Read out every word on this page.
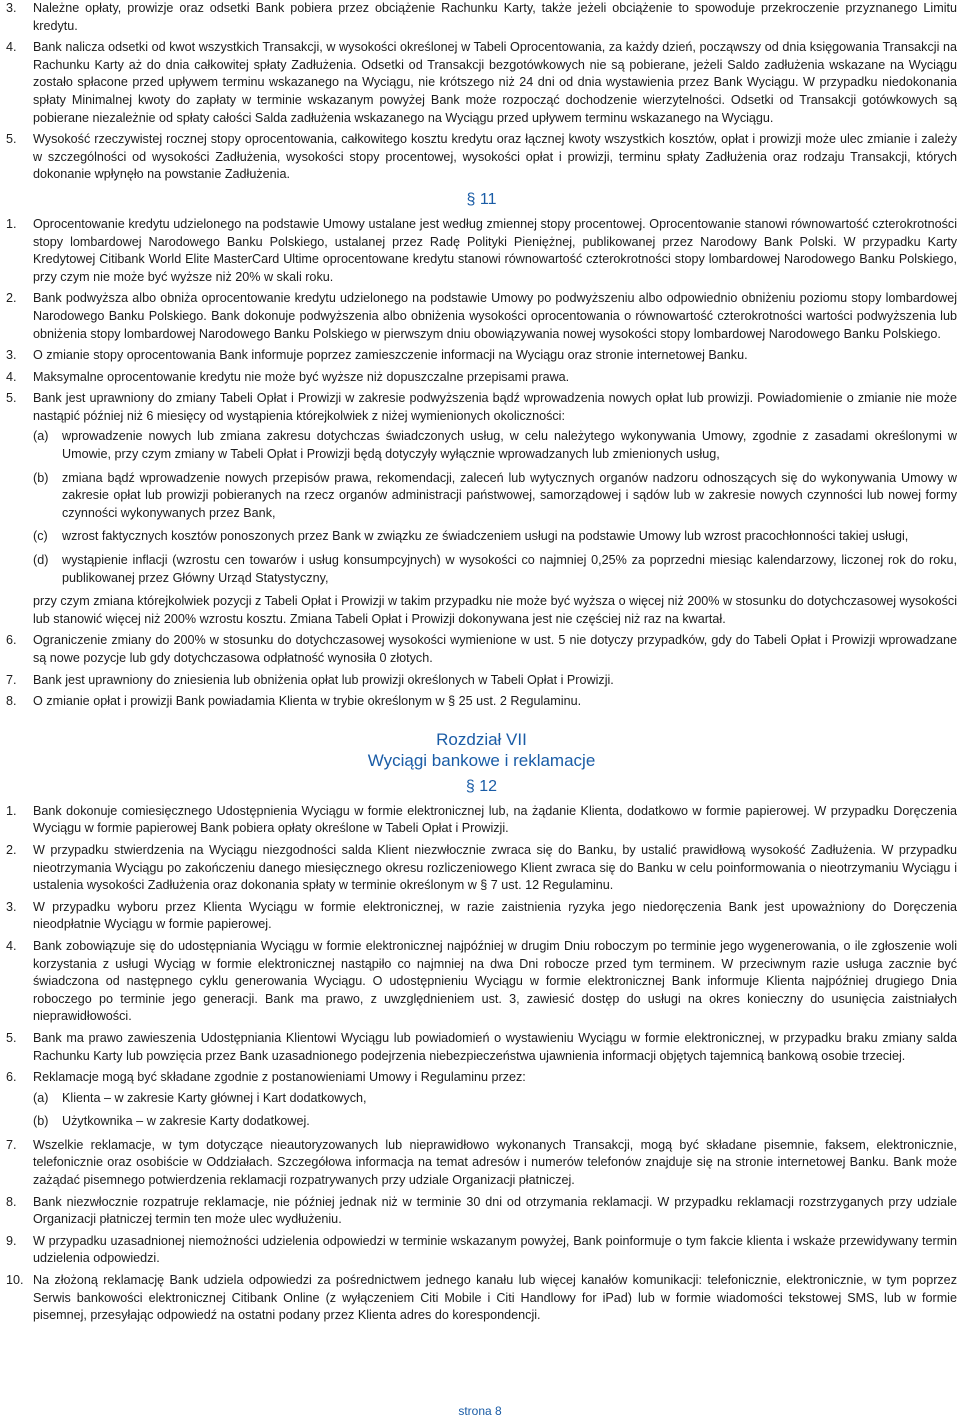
3.	Należne opłaty, prowizje oraz odsetki Bank pobiera przez obciążenie Rachunku Karty, także jeżeli obciążenie to spowoduje przekroczenie przyznanego Limitu kredytu.
4.	Bank nalicza odsetki od kwot wszystkich Transakcji, w wysokości określonej w Tabeli Oprocentowania, za każdy dzień, począwszy od dnia księgowania Transakcji na Rachunku Karty aż do dnia całkowitej spłaty Zadłużenia. Odsetki od Transakcji bezgotówkowych nie są pobierane, jeżeli Saldo zadłużenia wskazane na Wyciągu zostało spłacone przed upływem terminu wskazanego na Wyciągu, nie krótszego niż 24 dni od dnia wystawienia przez Bank Wyciągu. W przypadku niedokonania spłaty Minimalnej kwoty do zapłaty w terminie wskazanym powyżej Bank może rozpocząć dochodzenie wierzytelności. Odsetki od Transakcji gotówkowych są pobierane niezależnie od spłaty całości Salda zadłużenia wskazanego na Wyciągu przed upływem terminu wskazanego na Wyciągu.
5.	Wysokość rzeczywistej rocznej stopy oprocentowania, całkowitego kosztu kredytu oraz łącznej kwoty wszystkich kosztów, opłat i prowizji może ulec zmianie i zależy w szczególności od wysokości Zadłużenia, wysokości stopy procentowej, wysokości opłat i prowizji, terminu spłaty Zadłużenia oraz rodzaju Transakcji, których dokonanie wpłynęło na powstanie Zadłużenia.
§ 11
1.	Oprocentowanie kredytu udzielonego na podstawie Umowy ustalane jest według zmiennej stopy procentowej. Oprocentowanie stanowi równowartość czterokrotności stopy lombardowej Narodowego Banku Polskiego, ustalanej przez Radę Polityki Pieniężnej, publikowanej przez Narodowy Bank Polski. W przypadku Karty Kredytowej Citibank World Elite MasterCard Ultime oprocentowane kredytu stanowi równowartość czterokrotności stopy lombardowej Narodowego Banku Polskiego, przy czym nie może być wyższe niż 20% w skali roku.
2.	Bank podwyższa albo obniża oprocentowanie kredytu udzielonego na podstawie Umowy po podwyższeniu albo odpowiednio obniżeniu poziomu stopy lombardowej Narodowego Banku Polskiego. Bank dokonuje podwyższenia albo obniżenia wysokości oprocentowania o równowartość czterokrotności wartości podwyższenia lub obniżenia stopy lombardowej Narodowego Banku Polskiego w pierwszym dniu obowiązywania nowej wysokości stopy lombardowej Narodowego Banku Polskiego.
3.	O zmianie stopy oprocentowania Bank informuje poprzez zamieszczenie informacji na Wyciągu oraz stronie internetowej Banku.
4.	Maksymalne oprocentowanie kredytu nie może być wyższe niż dopuszczalne przepisami prawa.
5.	Bank jest uprawniony do zmiany Tabeli Opłat i Prowizji w zakresie podwyższenia bądź wprowadzenia nowych opłat lub prowizji. Powiadomienie o zmianie nie może nastąpić później niż 6 miesięcy od wystąpienia którejkolwiek z niżej wymienionych okoliczności:
(a)	wprowadzenie nowych lub zmiana zakresu dotychczas świadczonych usług, w celu należytego wykonywania Umowy, zgodnie z zasadami określonymi w Umowie, przy czym zmiany w Tabeli Opłat i Prowizji będą dotyczyły wyłącznie wprowadzanych lub zmienionych usług,
(b)	zmiana bądź wprowadzenie nowych przepisów prawa, rekomendacji, zaleceń lub wytycznych organów nadzoru odnoszących się do wykonywania Umowy w zakresie opłat lub prowizji pobieranych na rzecz organów administracji państwowej, samorządowej i sądów lub w zakresie nowych czynności lub nowej formy czynności wykonywanych przez Bank,
(c)	wzrost faktycznych kosztów ponoszonych przez Bank w związku ze świadczeniem usługi na podstawie Umowy lub wzrost pracochłonności takiej usługi,
(d)	wystąpienie inflacji (wzrostu cen towarów i usług konsumpcyjnych) w wysokości co najmniej 0,25% za poprzedni miesiąc kalendarzowy, liczonej rok do roku, publikowanej przez Główny Urząd Statystyczny,
przy czym zmiana którejkolwiek pozycji z Tabeli Opłat i Prowizji w takim przypadku nie może być wyższa o więcej niż 200% w stosunku do dotychczasowej wysokości lub stanowić więcej niż 200% wzrostu kosztu. Zmiana Tabeli Opłat i Prowizji dokonywana jest nie częściej niż raz na kwartał.
6.	Ograniczenie zmiany do 200% w stosunku do dotychczasowej wysokości wymienione w ust. 5 nie dotyczy przypadków, gdy do Tabeli Opłat i Prowizji wprowadzane są nowe pozycje lub gdy dotychczasowa odpłatność wynosiła 0 złotych.
7.	Bank jest uprawniony do zniesienia lub obniżenia opłat lub prowizji określonych w Tabeli Opłat i Prowizji.
8.	O zmianie opłat i prowizji Bank powiadamia Klienta w trybie określonym w § 25 ust. 2 Regulaminu.
Rozdział VII
Wyciągi bankowe i reklamacje
§ 12
1.	Bank dokonuje comiesięcznego Udostępnienia Wyciągu w formie elektronicznej lub, na żądanie Klienta, dodatkowo w formie papierowej. W przypadku Doręczenia Wyciągu w formie papierowej Bank pobiera opłaty określone w Tabeli Opłat i Prowizji.
2.	W przypadku stwierdzenia na Wyciągu niezgodności salda Klient niezwłocznie zwraca się do Banku, by ustalić prawidłową wysokość Zadłużenia. W przypadku nieotrzymania Wyciągu po zakończeniu danego miesięcznego okresu rozliczeniowego Klient zwraca się do Banku w celu poinformowania o nieotrzymaniu Wyciągu i ustalenia wysokości Zadłużenia oraz dokonania spłaty w terminie określonym w § 7 ust. 12 Regulaminu.
3.	W przypadku wyboru przez Klienta Wyciągu w formie elektronicznej, w razie zaistnienia ryzyka jego niedoręczenia Bank jest upoważniony do Doręczenia nieodpłatnie Wyciągu w formie papierowej.
4.	Bank zobowiązuje się do udostępniania Wyciągu w formie elektronicznej najpóźniej w drugim Dniu roboczym po terminie jego wygenerowania, o ile zgłoszenie woli korzystania z usługi Wyciąg w formie elektronicznej nastąpiło co najmniej na dwa Dni robocze przed tym terminem. W przeciwnym razie usługa zacznie być świadczona od następnego cyklu generowania Wyciągu. O udostępnieniu Wyciągu w formie elektronicznej Bank informuje Klienta najpóźniej drugiego Dnia roboczego po terminie jego generacji. Bank ma prawo, z uwzględnieniem ust. 3, zawiesić dostęp do usługi na okres konieczny do usunięcia zaistniałych nieprawidłowości.
5.	Bank ma prawo zawieszenia Udostępniania Klientowi Wyciągu lub powiadomień o wystawieniu Wyciągu w formie elektronicznej, w przypadku braku zmiany salda Rachunku Karty lub powzięcia przez Bank uzasadnionego podejrzenia niebezpieczeństwa ujawnienia informacji objętych tajemnicą bankową osobie trzeciej.
6.	Reklamacje mogą być składane zgodnie z postanowieniami Umowy i Regulaminu przez:
(a)	Klienta – w zakresie Karty głównej i Kart dodatkowych,
(b)	Użytkownika – w zakresie Karty dodatkowej.
7.	Wszelkie reklamacje, w tym dotyczące nieautoryzowanych lub nieprawidłowo wykonanych Transakcji, mogą być składane pisemnie, faksem, elektronicznie, telefonicznie oraz osobiście w Oddziałach. Szczegółowa informacja na temat adresów i numerów telefonów znajduje się na stronie internetowej Banku. Bank może zażądać pisemnego potwierdzenia reklamacji rozpatrywanych przy udziale Organizacji płatniczej.
8.	Bank niezwłocznie rozpatruje reklamacje, nie później jednak niż w terminie 30 dni od otrzymania reklamacji. W przypadku reklamacji rozstrzyganych przy udziale Organizacji płatniczej termin ten może ulec wydłużeniu.
9.	W przypadku uzasadnionej niemożności udzielenia odpowiedzi w terminie wskazanym powyżej, Bank poinformuje o tym fakcie klienta i wskaże przewidywany termin udzielenia odpowiedzi.
10. Na złożoną reklamację Bank udziela odpowiedzi za pośrednictwem jednego kanału lub więcej kanałów komunikacji: telefonicznie, elektronicznie, w tym poprzez Serwis bankowości elektronicznej Citibank Online (z wyłączeniem Citi Mobile i Citi Handlowy for iPad) lub w formie wiadomości tekstowej SMS, lub w formie pisemnej, przesyłając odpowiedź na ostatni podany przez Klienta adres do korespondencji.
strona 8
